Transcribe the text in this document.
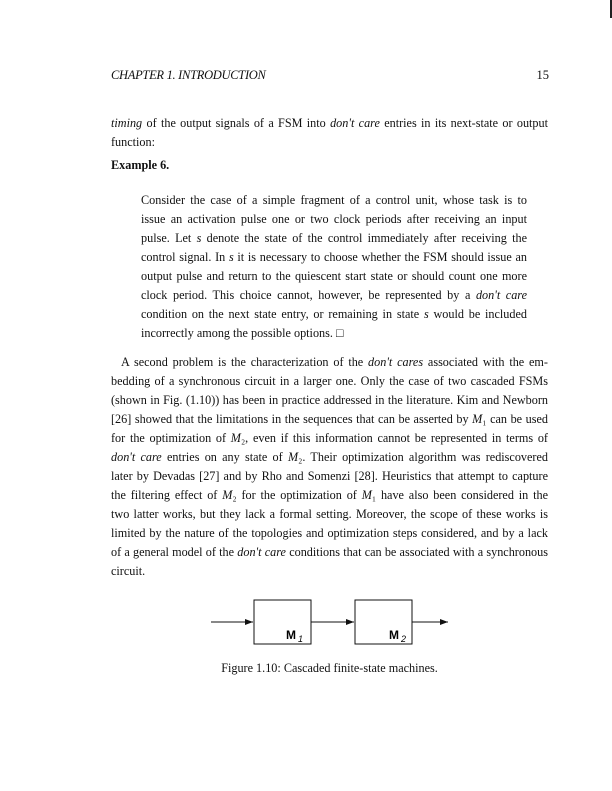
CHAPTER 1. INTRODUCTION	15
timing of the output signals of a FSM into don't care entries in its next-state or output
function:
Example 6.
Consider the case of a simple fragment of a control unit, whose task is to
issue an activation pulse one or two clock periods after receiving an input
pulse. Let s denote the state of the control immediately after receiving the
control signal. In s it is necessary to choose whether the FSM should issue an
output pulse and return to the quiescent start state or should count one more
clock period. This choice cannot, however, be represented by a don't care
condition on the next state entry, or remaining in state s would be included
incorrectly among the possible options. □
A second problem is the characterization of the don't cares associated with the em-
bedding of a synchronous circuit in a larger one. Only the case of two cascaded FSMs
(shown in Fig. (1.10)) has been in practice addressed in the literature. Kim and Newborn
[26] showed that the limitations in the sequences that can be asserted by M₁ can be used
for the optimization of M₂, even if this information cannot be represented in terms of
don't care entries on any state of M₂. Their optimization algorithm was rediscovered
later by Devadas [27] and by Rho and Somenzi [28]. Heuristics that attempt to capture
the filtering effect of M₂ for the optimization of M₁ have also been considered in the
two latter works, but they lack a formal setting. Moreover, the scope of these works is
limited by the nature of the topologies and optimization steps considered, and by a lack
of a general model of the don't care conditions that can be associated with a synchronous
circuit.
M $_1$	M $_2$
Figure 1.10: Cascaded finite-state machines.
